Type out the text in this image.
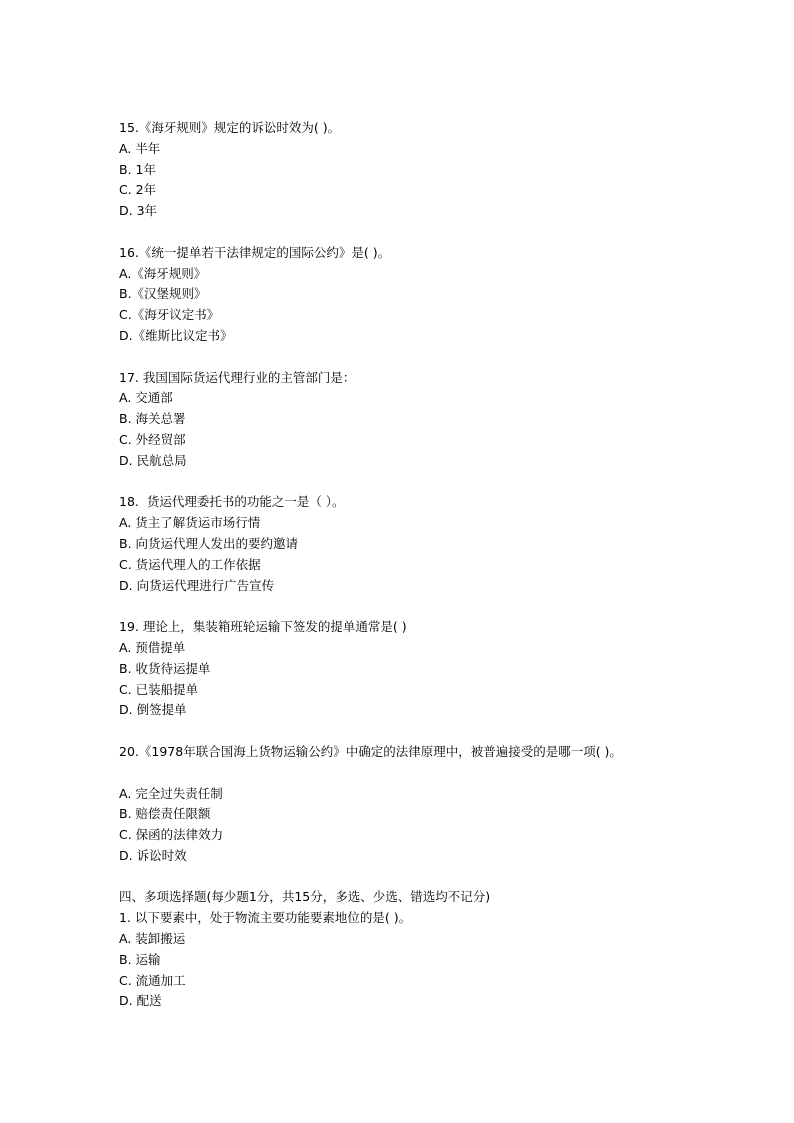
15.《海牙规则》规定的诉讼时效为( )。
A. 半年
B. 1年
C. 2年
D. 3年
16.《统一提单若干法律规定的国际公约》是( )。
A.《海牙规则》
B.《汉堡规则》
C.《海牙议定书》
D.《维斯比议定书》
17. 我国国际货运代理行业的主管部门是：
A. 交通部
B. 海关总署
C. 外经贸部
D. 民航总局
18.  货运代理委托书的功能之一是（ ）。
A. 货主了解货运市场行情
B. 向货运代理人发出的要约邀请
C. 货运代理人的工作依据
D. 向货运代理进行广告宣传
19. 理论上，集装箱班轮运输下签发的提单通常是( )
A. 预借提单
B. 收货待运提单
C. 已装船提单
D. 倒签提单
20.《1978年联合国海上货物运输公约》中确定的法律原理中，被普遍接受的是哪一项( )。
A. 完全过失责任制
B. 赔偿责任限额
C. 保函的法律效力
D. 诉讼时效
四、多项选择题(每少题1分，共15分，多选、少选、错选均不记分)
1. 以下要素中，处于物流主要功能要素地位的是( )。
A. 装卸搬运
B. 运输
C. 流通加工
D. 配送
